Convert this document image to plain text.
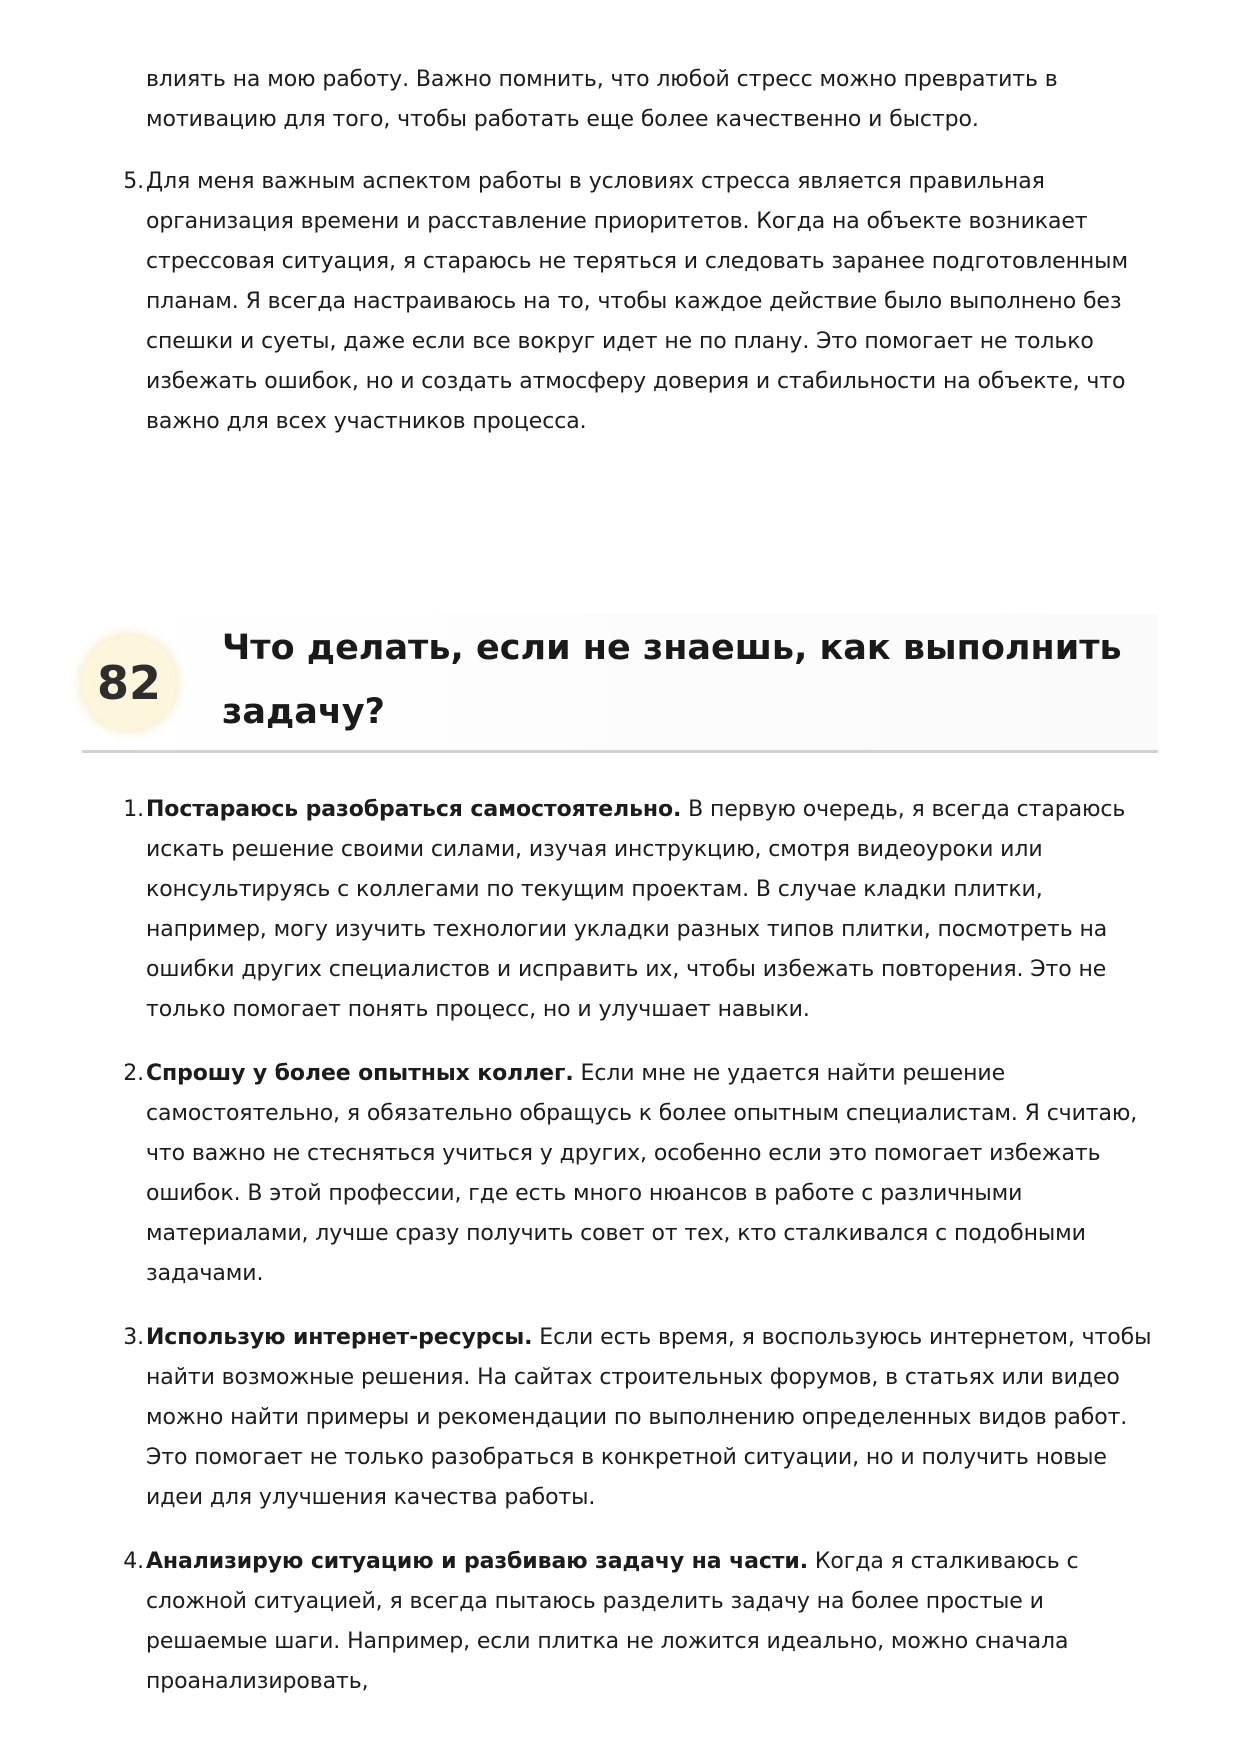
влиять на мою работу. Важно помнить, что любой стресс можно превратить в мотивацию для того, чтобы работать еще более качественно и быстро.

5. Для меня важным аспектом работы в условиях стресса является правильная организация времени и расставление приоритетов. Когда на объекте возникает стрессовая ситуация, я стараюсь не теряться и следовать заранее подготовленным планам. Я всегда настраиваюсь на то, чтобы каждое действие было выполнено без спешки и суеты, даже если все вокруг идет не по плану. Это помогает не только избежать ошибок, но и создать атмосферу доверия и стабильности на объекте, что важно для всех участников процесса.

82
Что делать, если не знаешь, как выполнить задачу?
1. Постараюсь разобраться самостоятельно. В первую очередь, я всегда стараюсь искать решение своими силами, изучая инструкцию, смотря видеоуроки или консультируясь с коллегами по текущим проектам. В случае кладки плитки, например, могу изучить технологии укладки разных типов плитки, посмотреть на ошибки других специалистов и исправить их, чтобы избежать повторения. Это не только помогает понять процесс, но и улучшает навыки.

2. Спрошу у более опытных коллег. Если мне не удается найти решение самостоятельно, я обязательно обращусь к более опытным специалистам. Я считаю, что важно не стесняться учиться у других, особенно если это помогает избежать ошибок. В этой профессии, где есть много нюансов в работе с различными материалами, лучше сразу получить совет от тех, кто сталкивался с подобными задачами.

3. Использую интернет-ресурсы. Если есть время, я воспользуюсь интернетом, чтобы найти возможные решения. На сайтах строительных форумов, в статьях или видео можно найти примеры и рекомендации по выполнению определенных видов работ. Это помогает не только разобраться в конкретной ситуации, но и получить новые идеи для улучшения качества работы.

4. Анализирую ситуацию и разбиваю задачу на части. Когда я сталкиваюсь с сложной ситуацией, я всегда пытаюсь разделить задачу на более простые и решаемые шаги. Например, если плитка не ложится идеально, можно сначала проанализировать,
